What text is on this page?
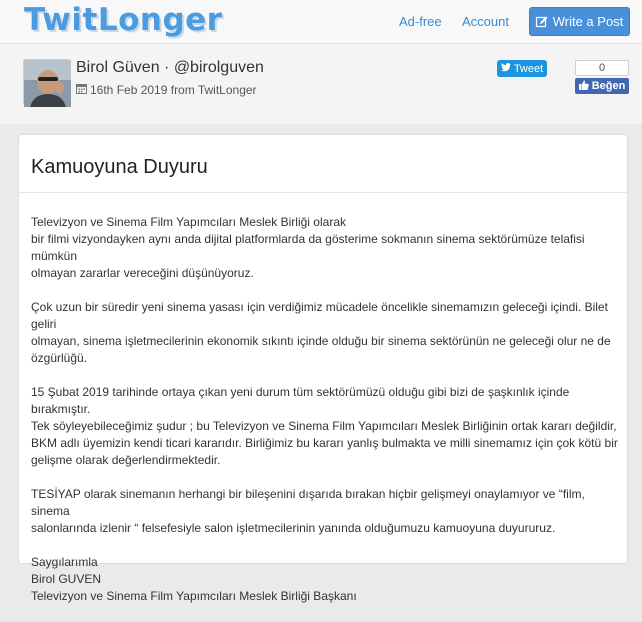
TwitLonger	Ad-free Account	Write a Post
Birol Güven · @birolguven
16th Feb 2019 from TwitLonger
Tweet	0
Beğen
Kamuoyuna Duyuru

Televizyon ve Sinema Film Yapımcıları Meslek Birliği olarak
bir filmi vizyondayken aynı anda dijital platformlarda da gösterime sokmanın sinema sektörümüze telafisi mümkün
olmayan zararlar vereceğini düşünüyoruz.

Çok uzun bir süredir yeni sinema yasası için verdiğimiz mücadele öncelikle sinemamızın geleceği içindi. Bilet geliri
olmayan, sinema işletmecilerinin ekonomik sıkıntı içinde olduğu bir sinema sektörünün ne geleceği olur ne de
özgürlüğü.

15 Şubat 2019 tarihinde ortaya çıkan yeni durum tüm sektörümüzü olduğu gibi bizi de şaşkınlık içinde bırakmıştır.
Tek söyleyebileceğimiz şudur ; bu Televizyon ve Sinema Film Yapımcıları Meslek Birliğinin ortak kararı değildir,
BKM adlı üyemizin kendi ticari kararıdır. Birliğimiz bu kararı yanlış bulmakta ve milli sinemamız için çok kötü bir
gelişme olarak değerlendirmektedir.

TESİYAP olarak sinemanın herhangi bir bileşenini dışarıda bırakan hiçbir gelişmeyi onaylamıyor ve “film, sinema
salonlarında izlenir “ felsefesiyle salon işletmecilerinin yanında olduğumuzu kamuoyuna duyururuz.

Saygılarımla
Birol GUVEN
Televizyon ve Sinema Film Yapımcıları Meslek Birliği Başkanı
